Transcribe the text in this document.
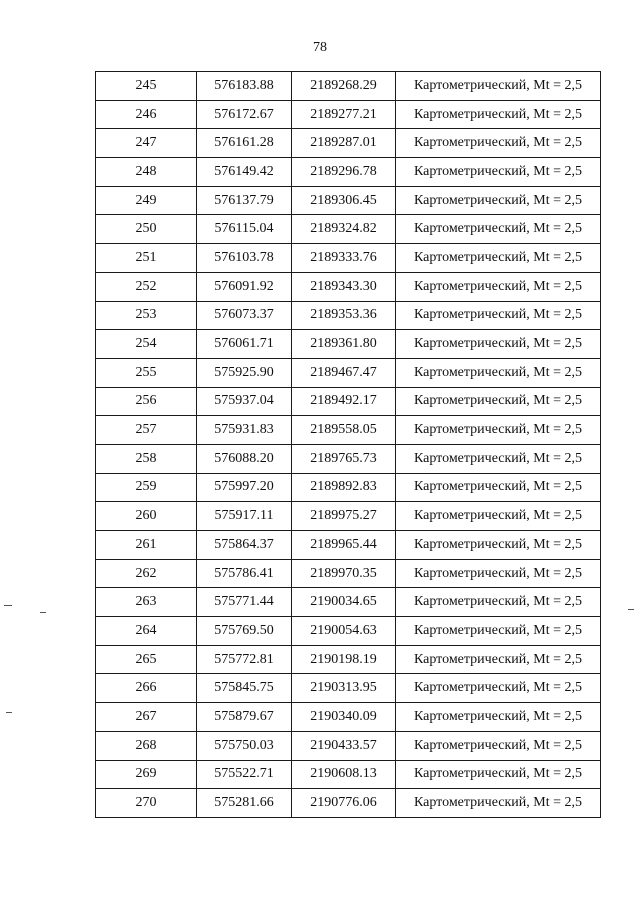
78
245	576183.88	2189268.29	Картометрический, Mt = 2,5
246	576172.67	2189277.21	Картометрический, Mt = 2,5
247	576161.28	2189287.01	Картометрический, Mt = 2,5
248	576149.42	2189296.78	Картометрический, Mt = 2,5
249	576137.79	2189306.45	Картометрический, Mt = 2,5
250	576115.04	2189324.82	Картометрический, Mt = 2,5
251	576103.78	2189333.76	Картометрический, Mt = 2,5
252	576091.92	2189343.30	Картометрический, Mt = 2,5
253	576073.37	2189353.36	Картометрический, Mt = 2,5
254	576061.71	2189361.80	Картометрический, Mt = 2,5
255	575925.90	2189467.47	Картометрический, Mt = 2,5
256	575937.04	2189492.17	Картометрический, Mt = 2,5
257	575931.83	2189558.05	Картометрический, Mt = 2,5
258	576088.20	2189765.73	Картометрический, Mt = 2,5
259	575997.20	2189892.83	Картометрический, Mt = 2,5
260	575917.11	2189975.27	Картометрический, Mt = 2,5
261	575864.37	2189965.44	Картометрический, Mt = 2,5
262	575786.41	2189970.35	Картометрический, Mt = 2,5
263	575771.44	2190034.65	Картометрический, Mt = 2,5
264	575769.50	2190054.63	Картометрический, Mt = 2,5
265	575772.81	2190198.19	Картометрический, Mt = 2,5
266	575845.75	2190313.95	Картометрический, Mt = 2,5
267	575879.67	2190340.09	Картометрический, Mt = 2,5
268	575750.03	2190433.57	Картометрический, Mt = 2,5
269	575522.71	2190608.13	Картометрический, Mt = 2,5
270	575281.66	2190776.06	Картометрический, Mt = 2,5
